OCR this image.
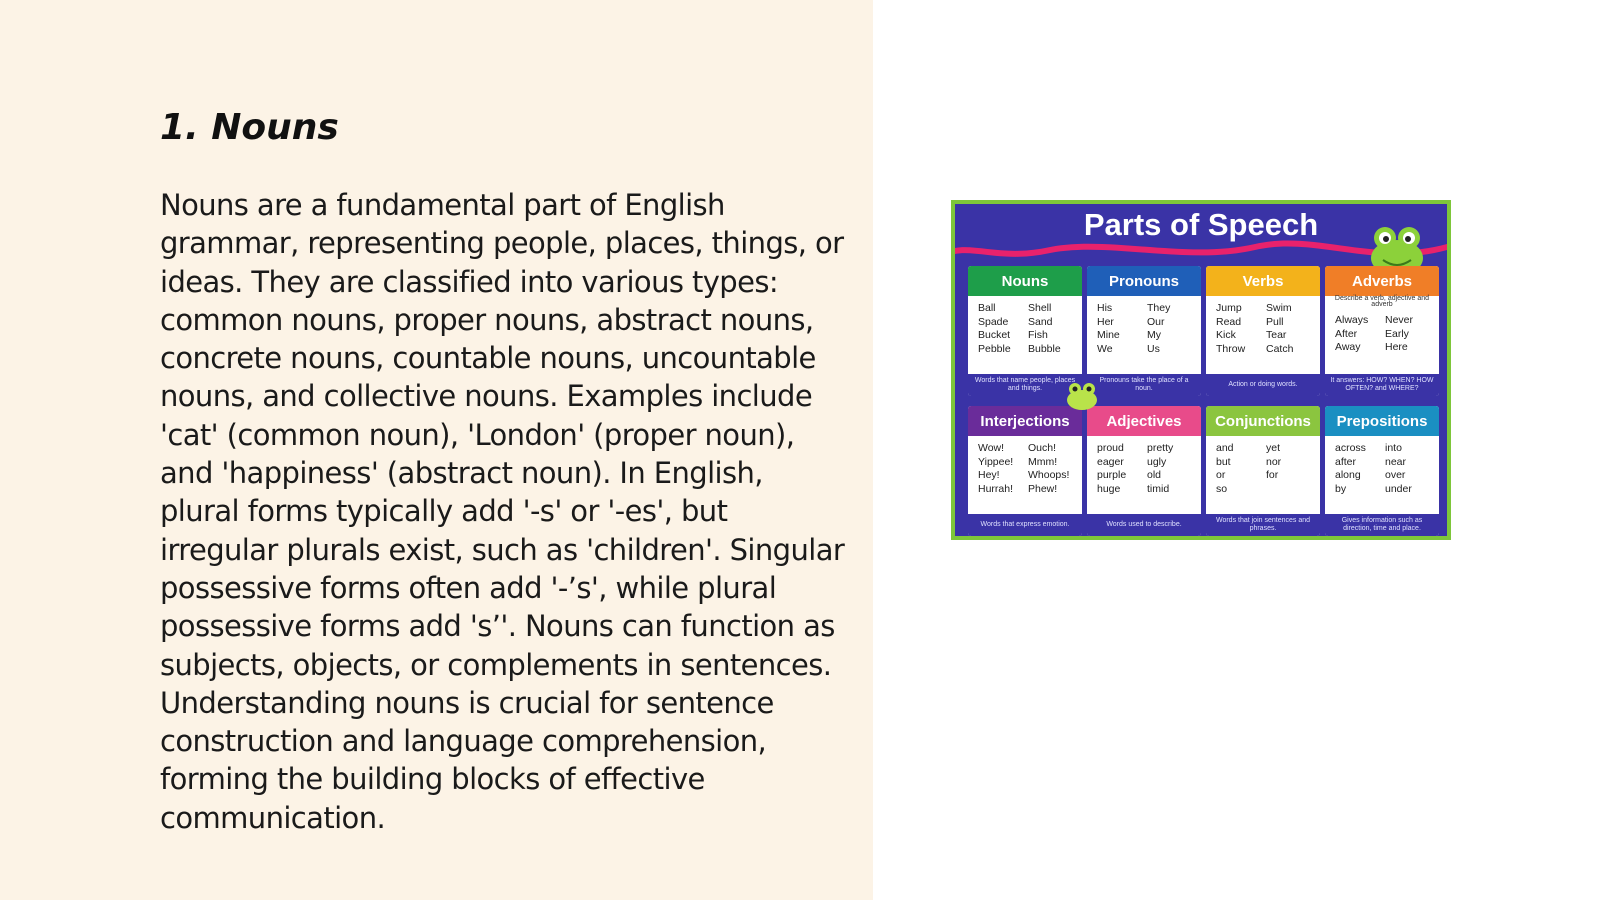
1. Nouns

Nouns are a fundamental part of English grammar, representing people, places, things, or ideas. They are classified into various types: common nouns, proper nouns, abstract nouns, concrete nouns, countable nouns, uncountable nouns, and collective nouns. Examples include 'cat' (common noun), 'London' (proper noun), and 'happiness' (abstract noun). In English, plural forms typically add '-s' or '-es', but irregular plurals exist, such as 'children'. Singular possessive forms often add '-’s', while plural possessive forms add 's’'. Nouns can function as subjects, objects, or complements in sentences. Understanding nouns is crucial for sentence construction and language comprehension, forming the building blocks of effective communication.

Parts of Speech
Nouns
Ball	Shell
Spade	Sand
Bucket	Fish
Pebble	Bubble
Words that name people, places and things.
Pronouns
His	They
Her	Our
Mine	My
We	Us
Pronouns take the place of a noun.
Verbs
Jump	Swim
Read	Pull
Kick	Tear
Throw	Catch
Action or doing words.
Adverbs
Describe a verb, adjective and adverb
Always	Never
After	Early
Away	Here
It answers: HOW? WHEN? HOW OFTEN? and WHERE?
Interjections
Wow!	Ouch!
Yippee!	Mmm!
Hey!	Whoops!
Hurrah!	Phew!
Words that express emotion.
Adjectives
proud	pretty
eager	ugly
purple	old
huge	timid
Words used to describe.
Conjunctions
and	yet
but	nor
or	for
so
Words that join sentences and phrases.
Prepositions
across	into
after	near
along	over
by	under
Gives information such as direction, time and place.
